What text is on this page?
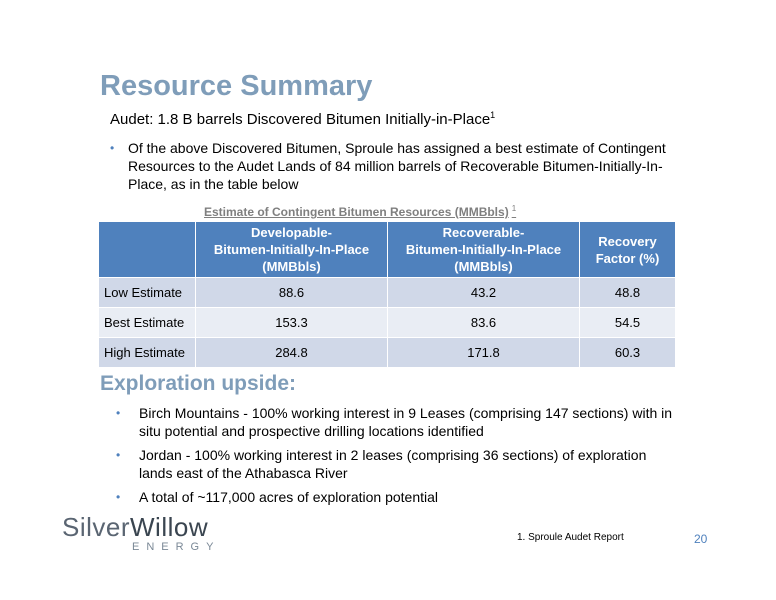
Resource Summary
Audet: 1.8 B barrels Discovered Bitumen Initially-in-Place$^1$
• Of the above Discovered Bitumen, Sproule has assigned a best estimate of Contingent Resources to the Audet Lands of 84 million barrels of Recoverable Bitumen-Initially-In-Place, as in the table below
Estimate of Contingent Bitumen Resources (MMBbls) $^1$
	Developable-
Bitumen-Initially-In-Place
(MMBbls)	Recoverable-
Bitumen-Initially-In-Place
(MMBbls)	Recovery
Factor (%)
Low Estimate	88.6	43.2	48.8
Best Estimate	153.3	83.6	54.5
High Estimate	284.8	171.8	60.3
Exploration upside:
• Birch Mountains - 100% working interest in 9 Leases (comprising 147 sections) with in situ potential and prospective drilling locations identified
• Jordan - 100% working interest in 2 leases (comprising 36 sections) of exploration lands east of the Athabasca River
• A total of ~117,000 acres of exploration potential
SilverWillow
ENERGY
1. Sproule Audet Report	20
